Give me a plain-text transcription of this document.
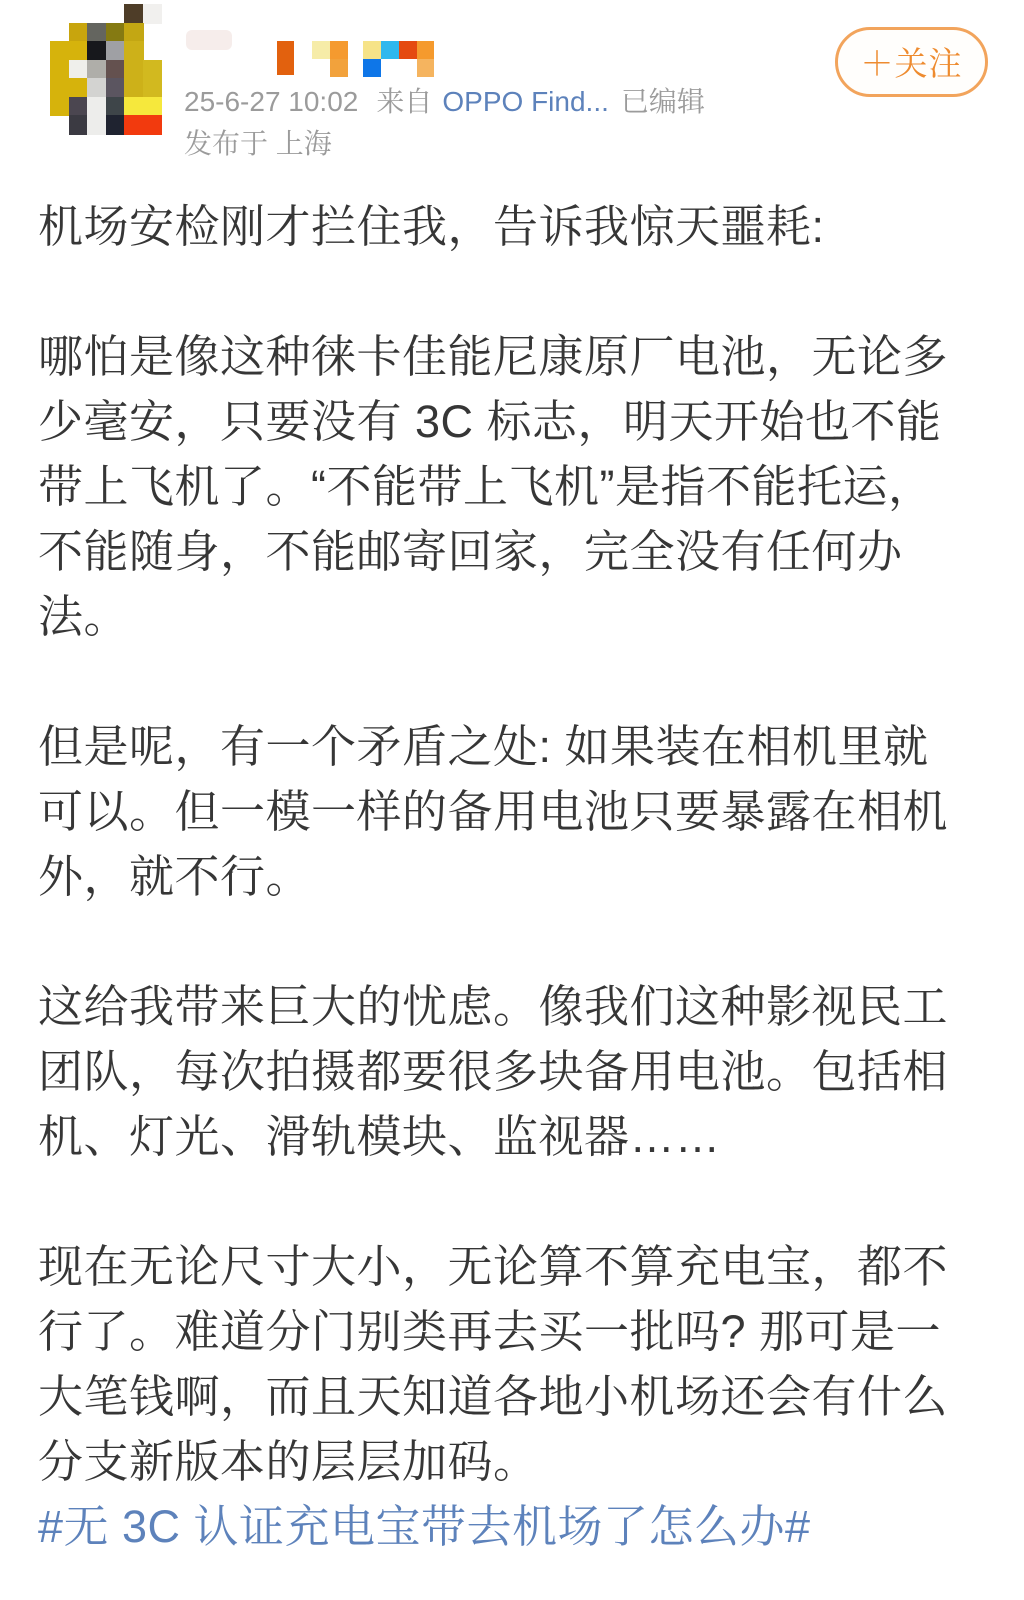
25-6-27 10:02 来自 OPPO Find... 已编辑
发布于 上海
＋关注
机场安检刚才拦住我，告诉我惊天噩耗:
哪怕是像这种徕卡佳能尼康原厂电池，无论多
少毫安，只要没有 3C 标志，明天开始也不能
带上飞机了。“不能带上飞机”是指不能托运，
不能随身，不能邮寄回家，完全没有任何办
法。
但是呢，有一个矛盾之处: 如果装在相机里就
可以。但一模一样的备用电池只要暴露在相机
外，就不行。
这给我带来巨大的忧虑。像我们这种影视民工
团队，每次拍摄都要很多块备用电池。包括相
机、灯光、滑轨模块、监视器……
现在无论尺寸大小，无论算不算充电宝，都不
行了。难道分门别类再去买一批吗? 那可是一
大笔钱啊，而且天知道各地小机场还会有什么
分支新版本的层层加码。
#无 3C 认证充电宝带去机场了怎么办#
